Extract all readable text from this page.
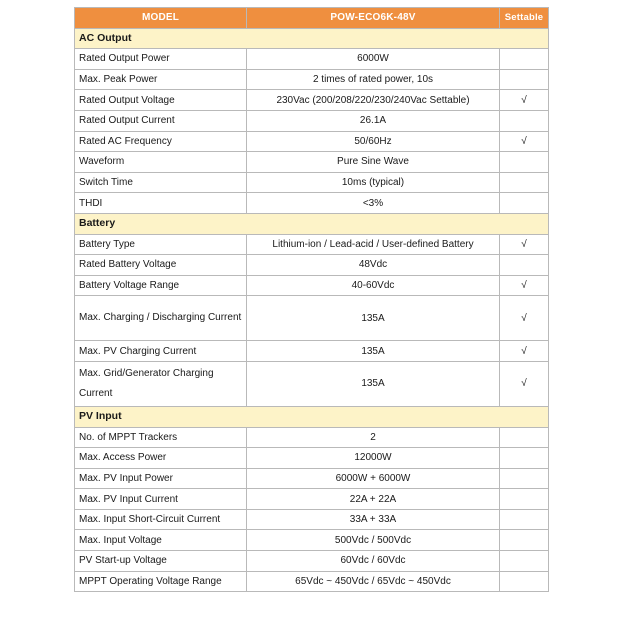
MODEL	POW-ECO6K-48V	Settable
AC Output		
Rated Output Power	6000W	
Max. Peak Power	2 times of rated power, 10s	
Rated Output Voltage	230Vac (200/208/220/230/240Vac Settable)	√
Rated Output Current	26.1A	
Rated AC Frequency	50/60Hz	√
Waveform	Pure Sine Wave	
Switch Time	10ms (typical)	
THDI	<3%	
Battery		
Battery Type	Lithium-ion / Lead-acid / User-defined Battery	√
Rated Battery Voltage	48Vdc	
Battery Voltage Range	40-60Vdc	√
Max. Charging / Discharging Current	135A	√
Max. PV Charging Current	135A	√
Max. Grid/Generator Charging Current	135A	√
PV Input		
No. of MPPT Trackers	2	
Max. Access Power	12000W	
Max. PV Input Power	6000W + 6000W	
Max. PV Input Current	22A + 22A	
Max. Input Short-Circuit Current	33A + 33A	
Max. Input Voltage	500Vdc / 500Vdc	
PV Start-up Voltage	60Vdc / 60Vdc	
MPPT Operating Voltage Range	65Vdc ~ 450Vdc / 65Vdc ~ 450Vdc	
